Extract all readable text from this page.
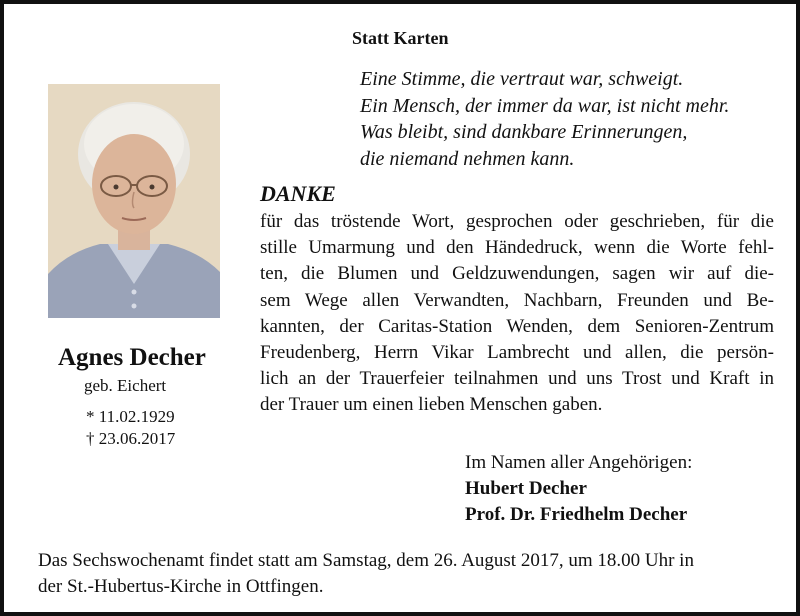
Statt Karten
Eine Stimme, die vertraut war, schweigt.
Ein Mensch, der immer da war, ist nicht mehr.
Was bleibt, sind dankbare Erinnerungen,
die niemand nehmen kann.
Agnes Decher
geb. Eichert
* 11.02.1929
† 23.06.2017
DANKE
für das tröstende Wort, gesprochen oder geschrieben, für die
stille Umarmung und den Händedruck, wenn die Worte fehl-
ten, die Blumen und Geldzuwendungen, sagen wir auf die-
sem Wege allen Verwandten, Nachbarn, Freunden und Be-
kannten, der Caritas-Station Wenden, dem Senioren-Zentrum
Freudenberg, Herrn Vikar Lambrecht und allen, die persön-
lich an der Trauerfeier teilnahmen und uns Trost und Kraft in
der Trauer um einen lieben Menschen gaben.
Im Namen aller Angehörigen:
Hubert Decher
Prof. Dr. Friedhelm Decher
Das Sechswochenamt findet statt am Samstag, dem 26. August 2017, um 18.00 Uhr in
der St.-Hubertus-Kirche in Ottfingen.
